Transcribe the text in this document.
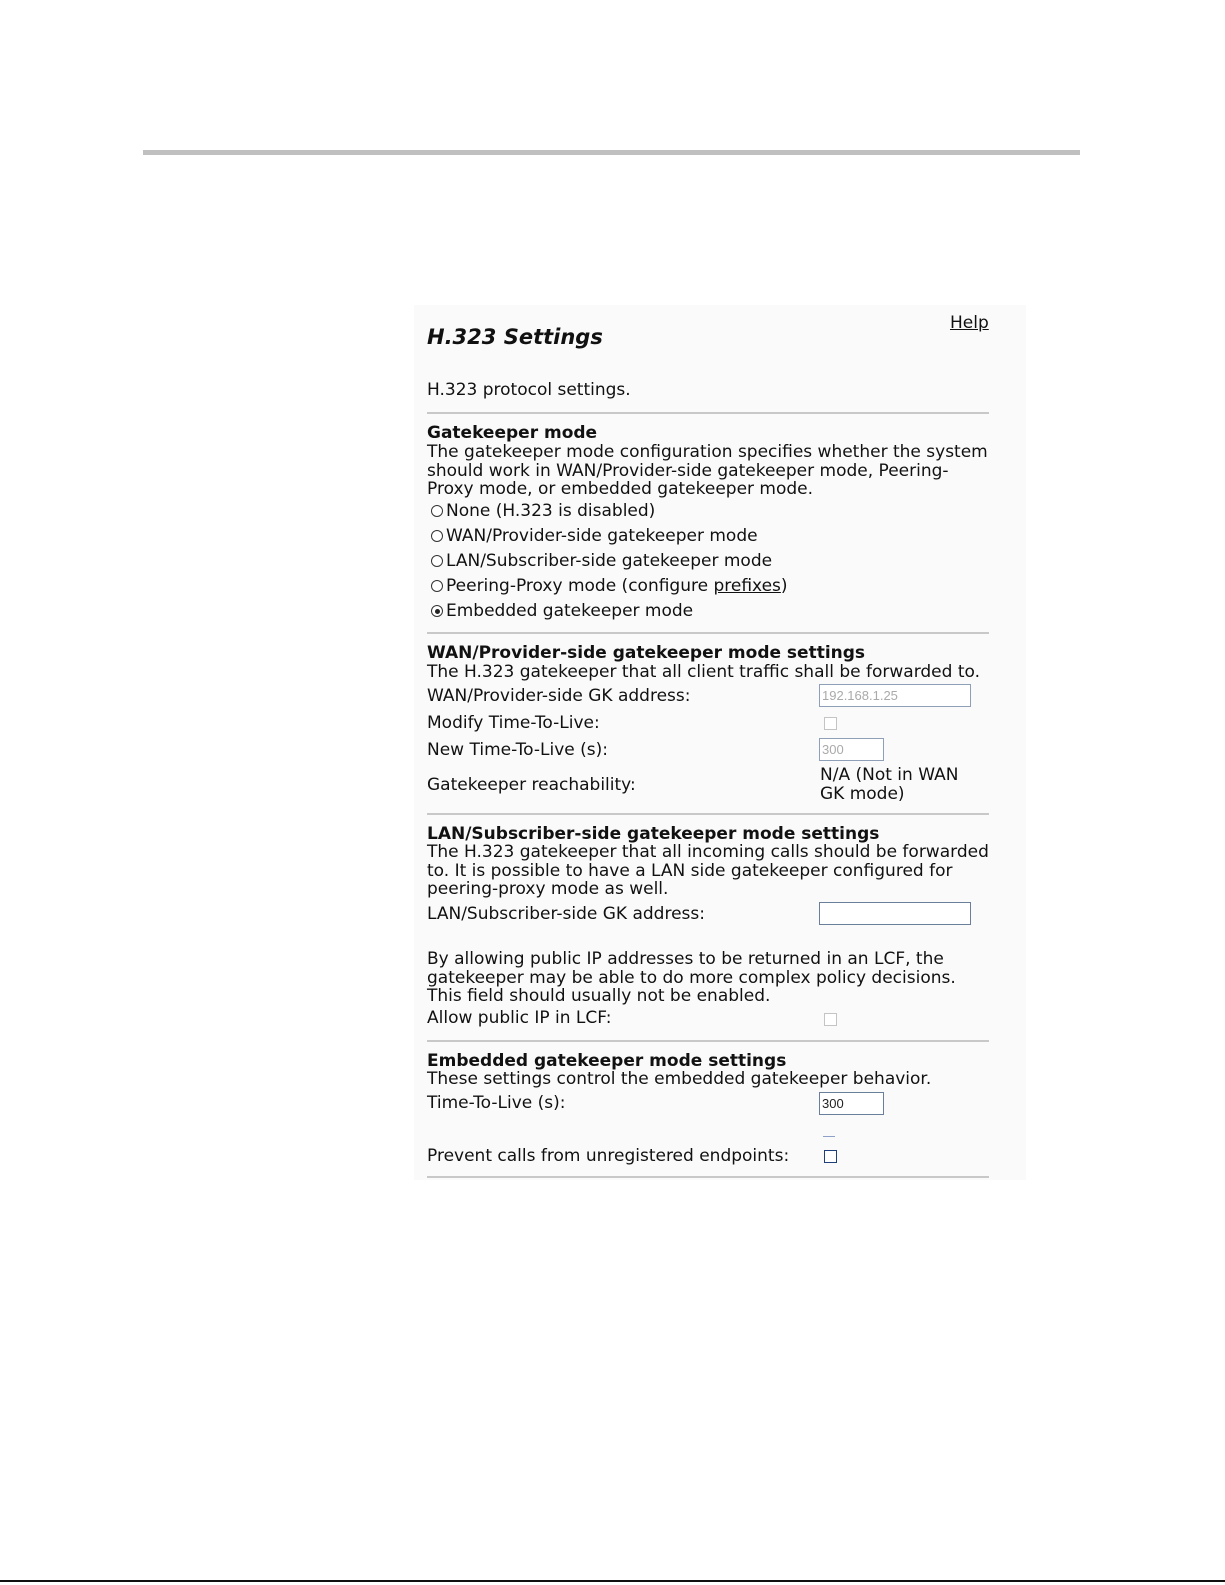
Help
H.323 Settings
H.323 protocol settings.
Gatekeeper mode
The gatekeeper mode configuration specifies whether the system
should work in WAN/Provider-side gatekeeper mode, Peering-
Proxy mode, or embedded gatekeeper mode.
None (H.323 is disabled)
WAN/Provider-side gatekeeper mode
LAN/Subscriber-side gatekeeper mode
Peering-Proxy mode (configure prefixes)
Embedded gatekeeper mode
WAN/Provider-side gatekeeper mode settings
The H.323 gatekeeper that all client traffic shall be forwarded to.
WAN/Provider-side GK address:	192.168.1.25
Modify Time-To-Live:
New Time-To-Live (s):	300
Gatekeeper reachability:	N/A (Not in WAN
GK mode)
LAN/Subscriber-side gatekeeper mode settings
The H.323 gatekeeper that all incoming calls should be forwarded
to. It is possible to have a LAN side gatekeeper configured for
peering-proxy mode as well.
LAN/Subscriber-side GK address:
By allowing public IP addresses to be returned in an LCF, the
gatekeeper may be able to do more complex policy decisions.
This field should usually not be enabled.
Allow public IP in LCF:
Embedded gatekeeper mode settings
These settings control the embedded gatekeeper behavior.
Time-To-Live (s):	300
Prevent calls from unregistered endpoints:
